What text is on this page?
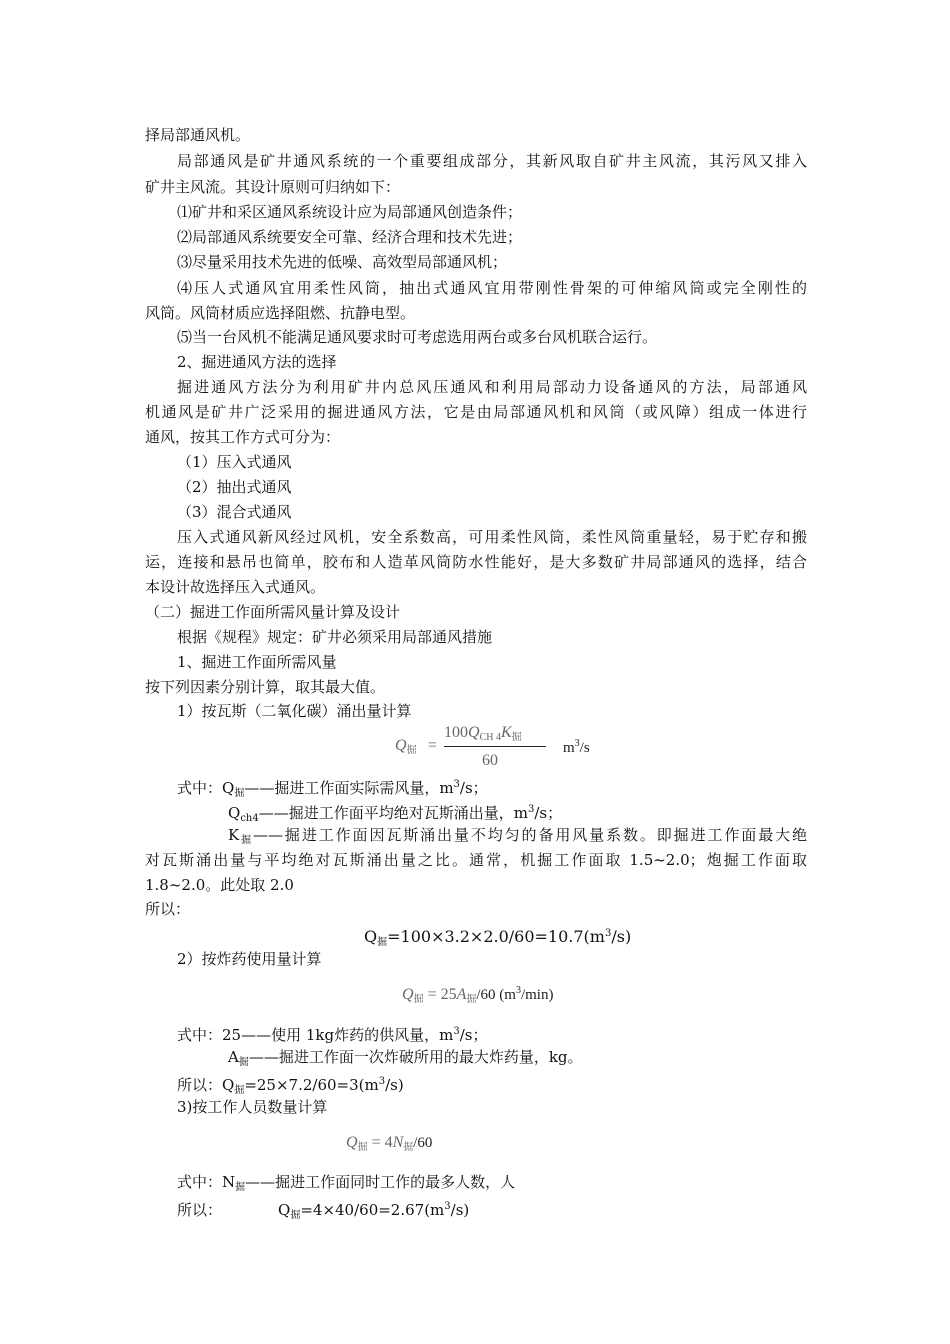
择局部通风机。
局部通风是矿井通风系统的一个重要组成部分，其新风取自矿井主风流，其污风又排入
矿井主风流。其设计原则可归纳如下：
⑴矿井和采区通风系统设计应为局部通风创造条件；
⑵局部通风系统要安全可靠、经济合理和技术先进；
⑶尽量采用技术先进的低噪、高效型局部通风机；
⑷压人式通风宜用柔性风筒，抽出式通风宜用带刚性骨架的可伸缩风筒或完全刚性的
风筒。风筒材质应选择阻燃、抗静电型。
⑸当一台风机不能满足通风要求时可考虑选用两台或多台风机联合运行。
2、掘进通风方法的选择
掘进通风方法分为利用矿井内总风压通风和利用局部动力设备通风的方法，局部通风
机通风是矿井广泛采用的掘进通风方法，它是由局部通风机和风筒（或风障）组成一体进行
通风，按其工作方式可分为：
（1）压入式通风
（2）抽出式通风
（3）混合式通风
压入式通风新风经过风机，安全系数高，可用柔性风筒，柔性风筒重量轻，易于贮存和搬
运，连接和悬吊也简单，胶布和人造革风筒防水性能好，是大多数矿井局部通风的选择，结合
本设计故选择压入式通风。
（二）掘进工作面所需风量计算及设计
根据《规程》规定：矿井必须采用局部通风措施
1、掘进工作面所需风量
按下列因素分别计算，取其最大值。
1）按瓦斯（二氧化碳）涌出量计算
$Q_掘$ =
$100Q_{CH 4}K_掘$
60
$m^3/s$
式中：$Q_掘——$掘进工作面实际需风量，$m^3/s$；
$Q_{ch4}——$掘进工作面平均绝对瓦斯涌出量，$m^3/s$；
$K_掘——$掘进工作面因瓦斯涌出量不均匀的备用风量系数。即掘进工作面最大绝
对瓦斯涌出量与平均绝对瓦斯涌出量之比。通常，机掘工作面取 1.5~2.0；炮掘工作面取
1.8~2.0。此处取 2.0
所以：
$Q_掘=100\times 3.2\times 2.0/60=10.7(m^3/s)$
2）按炸药使用量计算
$Q_掘 = 25A_掘/60$ $(m^3/\min)$
式中：25——使用 1kg炸药的供风量，$m^3/s$；
$A_掘——$掘进工作面一次炸破所用的最大炸药量，kg。
所以：$Q_掘=25\times 7.2/60=3(m^3/s)$
3)按工作人员数量计算
$Q_掘 = 4N_掘/60$
式中：$N_掘——$掘进工作面同时工作的最多人数，人
所以：	$Q_掘=4\times 40/60=2.67(m^3/s)$
